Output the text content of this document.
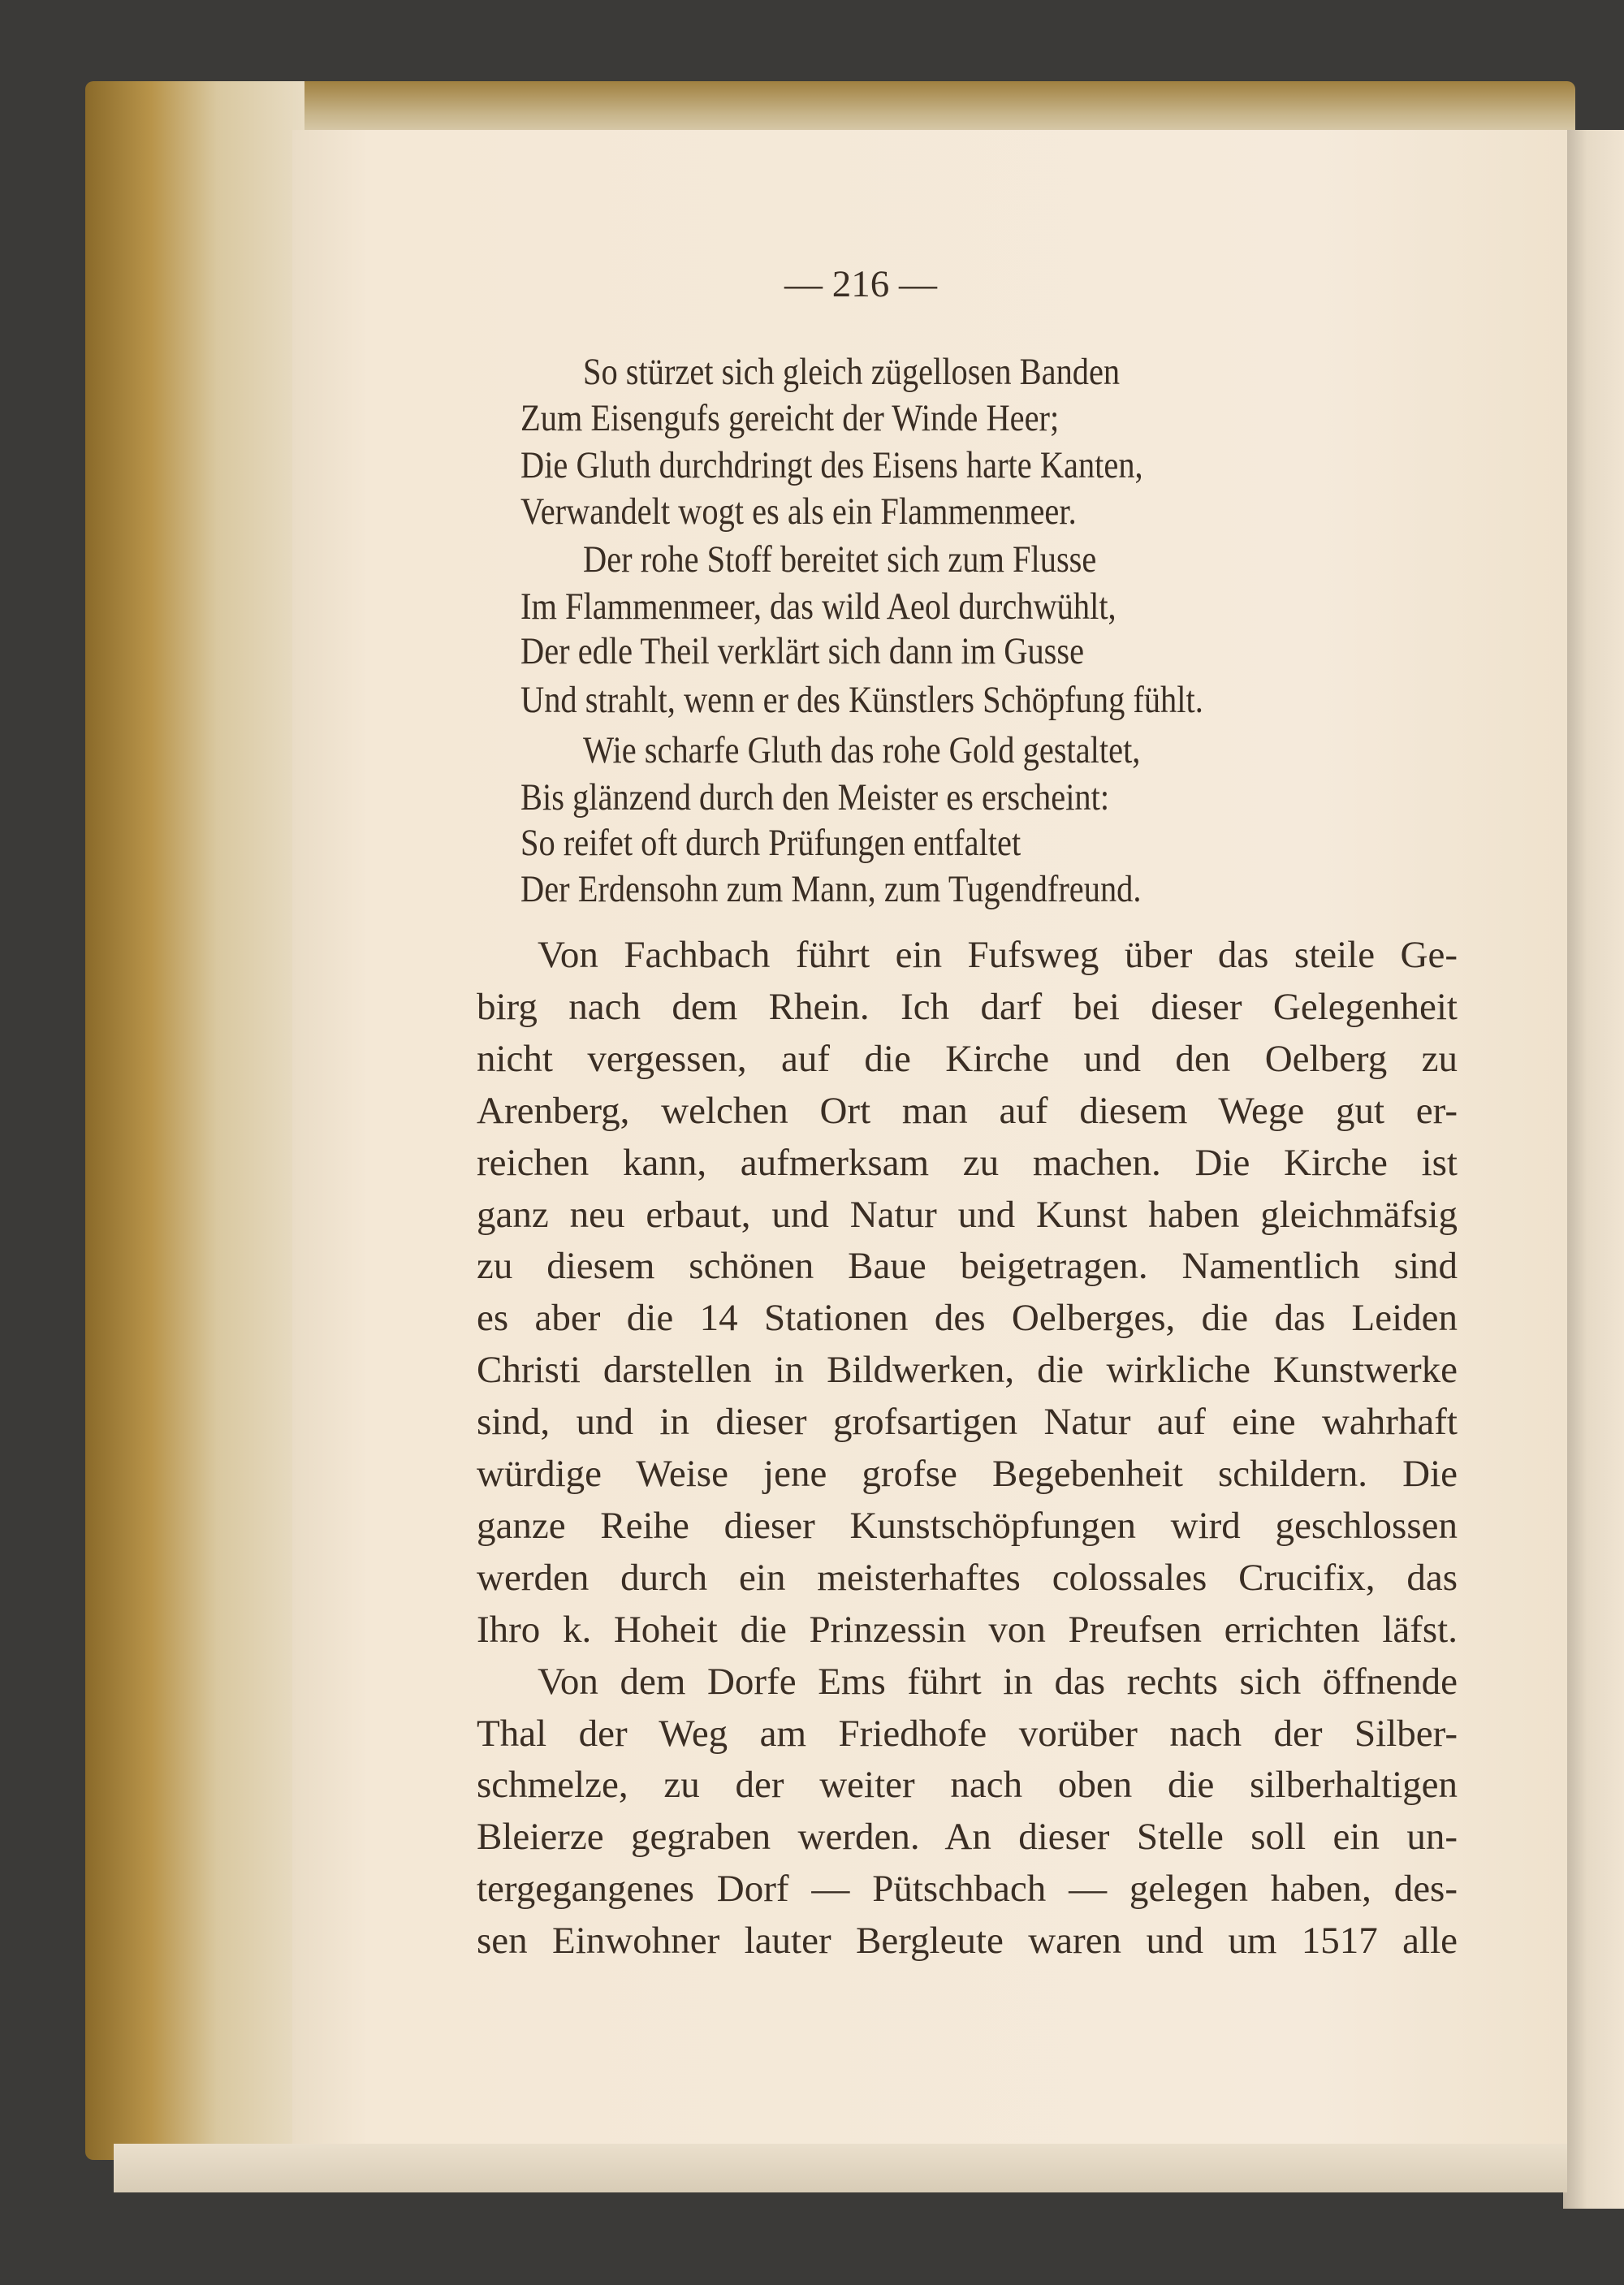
— 216 —
So stürzet sich gleich zügellosen Banden
Zum Eisengufs gereicht der Winde Heer;
Die Gluth durchdringt des Eisens harte Kanten,
Verwandelt wogt es als ein Flammenmeer.
Der rohe Stoff bereitet sich zum Flusse
Im Flammenmeer, das wild Aeol durchwühlt,
Der edle Theil verklärt sich dann im Gusse
Und strahlt, wenn er des Künstlers Schöpfung fühlt.
Wie scharfe Gluth das rohe Gold gestaltet,
Bis glänzend durch den Meister es erscheint:
So reifet oft durch Prüfungen entfaltet
Der Erdensohn zum Mann, zum Tugendfreund.
Von Fachbach führt ein Fufsweg über das steile Ge-
birg nach dem Rhein. Ich darf bei dieser Gelegenheit
nicht vergessen, auf die Kirche und den Oelberg zu
Arenberg, welchen Ort man auf diesem Wege gut er-
reichen kann, aufmerksam zu machen. Die Kirche ist
ganz neu erbaut, und Natur und Kunst haben gleichmäfsig
zu diesem schönen Baue beigetragen. Namentlich sind
es aber die 14 Stationen des Oelberges, die das Leiden
Christi darstellen in Bildwerken, die wirkliche Kunstwerke
sind, und in dieser grofsartigen Natur auf eine wahrhaft
würdige Weise jene grofse Begebenheit schildern. Die
ganze Reihe dieser Kunstschöpfungen wird geschlossen
werden durch ein meisterhaftes colossales Crucifix, das
Ihro k. Hoheit die Prinzessin von Preufsen errichten läfst.
Von dem Dorfe Ems führt in das rechts sich öffnende
Thal der Weg am Friedhofe vorüber nach der Silber-
schmelze, zu der weiter nach oben die silberhaltigen
Bleierze gegraben werden. An dieser Stelle soll ein un-
tergegangenes Dorf — Pütschbach — gelegen haben, des-
sen Einwohner lauter Bergleute waren und um 1517 alle
